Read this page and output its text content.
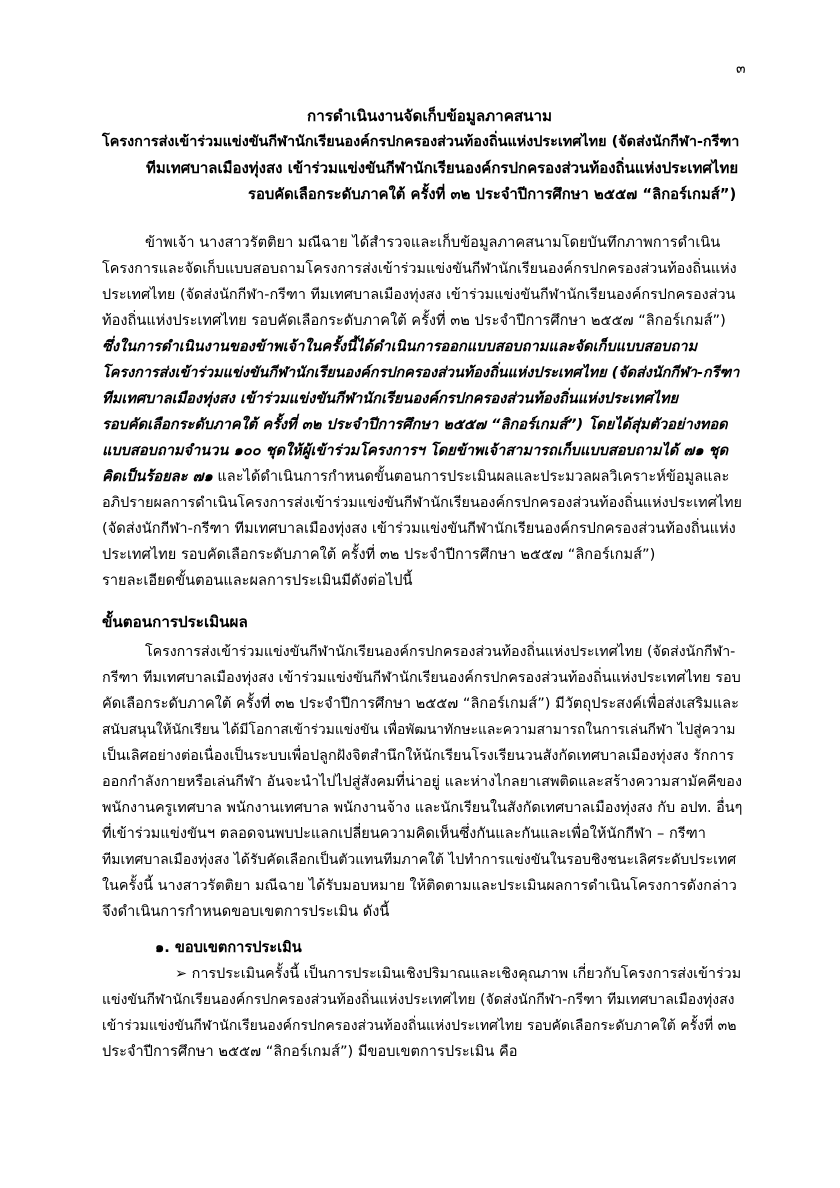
๓
การดำเนินงานจัดเก็บข้อมูลภาคสนาม
โครงการส่งเข้าร่วมแข่งขันกีฬานักเรียนองค์กรปกครองส่วนท้องถิ่นแห่งประเทศไทย (จัดส่งนักกีฬา-กรีฑา
ทีมเทศบาลเมืองทุ่งสง เข้าร่วมแข่งขันกีฬานักเรียนองค์กรปกครองส่วนท้องถิ่นแห่งประเทศไทย
รอบคัดเลือกระดับภาคใต้ ครั้งที่ ๓๒ ประจำปีการศึกษา ๒๕๕๗ “ลิกอร์เกมส์”)
ข้าพเจ้า นางสาวรัตติยา มณีฉาย ได้สำรวจและเก็บข้อมูลภาคสนามโดยบันทึกภาพการดำเนิน
โครงการและจัดเก็บแบบสอบถามโครงการส่งเข้าร่วมแข่งขันกีฬานักเรียนองค์กรปกครองส่วนท้องถิ่นแห่ง
ประเทศไทย (จัดส่งนักกีฬา-กรีฑา ทีมเทศบาลเมืองทุ่งสง เข้าร่วมแข่งขันกีฬานักเรียนองค์กรปกครองส่วน
ท้องถิ่นแห่งประเทศไทย รอบคัดเลือกระดับภาคใต้ ครั้งที่ ๓๒ ประจำปีการศึกษา ๒๕๕๗ “ลิกอร์เกมส์”)
ซึ่งในการดำเนินงานของข้าพเจ้าในครั้งนี้ได้ดำเนินการออกแบบสอบถามและจัดเก็บแบบสอบถาม
โครงการส่งเข้าร่วมแข่งขันกีฬานักเรียนองค์กรปกครองส่วนท้องถิ่นแห่งประเทศไทย (จัดส่งนักกีฬา-กรีฑา
ทีมเทศบาลเมืองทุ่งสง เข้าร่วมแข่งขันกีฬานักเรียนองค์กรปกครองส่วนท้องถิ่นแห่งประเทศไทย
รอบคัดเลือกระดับภาคใต้ ครั้งที่ ๓๒ ประจำปีการศึกษา ๒๕๕๗ “ลิกอร์เกมส์”) โดยได้สุ่มตัวอย่างทอด
แบบสอบถามจำนวน ๑๐๐ ชุดให้ผู้เข้าร่วมโครงการฯ โดยข้าพเจ้าสามารถเก็บแบบสอบถามได้ ๗๑ ชุด
คิดเป็นร้อยละ ๗๑ และได้ดำเนินการกำหนดขั้นตอนการประเมินผลและประมวลผลวิเคราะห์ข้อมูลและ
อภิปรายผลการดำเนินโครงการส่งเข้าร่วมแข่งขันกีฬานักเรียนองค์กรปกครองส่วนท้องถิ่นแห่งประเทศไทย
(จัดส่งนักกีฬา-กรีฑา ทีมเทศบาลเมืองทุ่งสง เข้าร่วมแข่งขันกีฬานักเรียนองค์กรปกครองส่วนท้องถิ่นแห่ง
ประเทศไทย รอบคัดเลือกระดับภาคใต้ ครั้งที่ ๓๒ ประจำปีการศึกษา ๒๕๕๗ “ลิกอร์เกมส์”)
รายละเอียดขั้นตอนและผลการประเมินมีดังต่อไปนี้
ขั้นตอนการประเมินผล
โครงการส่งเข้าร่วมแข่งขันกีฬานักเรียนองค์กรปกครองส่วนท้องถิ่นแห่งประเทศไทย (จัดส่งนักกีฬา-
กรีฑา ทีมเทศบาลเมืองทุ่งสง เข้าร่วมแข่งขันกีฬานักเรียนองค์กรปกครองส่วนท้องถิ่นแห่งประเทศไทย รอบ
คัดเลือกระดับภาคใต้ ครั้งที่ ๓๒ ประจำปีการศึกษา ๒๕๕๗ “ลิกอร์เกมส์”) มีวัตถุประสงค์เพื่อส่งเสริมและ
สนับสนุนให้นักเรียน ได้มีโอกาสเข้าร่วมแข่งขัน เพื่อพัฒนาทักษะและความสามารถในการเล่นกีฬา ไปสู่ความ
เป็นเลิศอย่างต่อเนื่องเป็นระบบเพื่อปลูกฝังจิตสำนึกให้นักเรียนโรงเรียนวนสังกัดเทศบาลเมืองทุ่งสง รักการ
ออกกำลังกายหรือเล่นกีฬา อันจะนำไปไปสู่สังคมที่น่าอยู่ และห่างไกลยาเสพติดและสร้างความสามัคคีของ
พนักงานครูเทศบาล พนักงานเทศบาล พนักงานจ้าง และนักเรียนในสังกัดเทศบาลเมืองทุ่งสง กับ อปท. อื่นๆ
ที่เข้าร่วมแข่งขันฯ ตลอดจนพบปะแลกเปลี่ยนความคิดเห็นซึ่งกันและกันและเพื่อให้นักกีฬา – กรีฑา
ทีมเทศบาลเมืองทุ่งสง ได้รับคัดเลือกเป็นตัวแทนทีมภาคใต้ ไปทำการแข่งขันในรอบชิงชนะเลิศระดับประเทศ
ในครั้งนี้ นางสาวรัตติยา มณีฉาย ได้รับมอบหมาย ให้ติดตามและประเมินผลการดำเนินโครงการดังกล่าว
จึงดำเนินการกำหนดขอบเขตการประเมิน ดังนี้
๑. ขอบเขตการประเมิน
➢ การประเมินครั้งนี้ เป็นการประเมินเชิงปริมาณและเชิงคุณภาพ เกี่ยวกับโครงการส่งเข้าร่วม
แข่งขันกีฬานักเรียนองค์กรปกครองส่วนท้องถิ่นแห่งประเทศไทย (จัดส่งนักกีฬา-กรีฑา ทีมเทศบาลเมืองทุ่งสง
เข้าร่วมแข่งขันกีฬานักเรียนองค์กรปกครองส่วนท้องถิ่นแห่งประเทศไทย รอบคัดเลือกระดับภาคใต้ ครั้งที่ ๓๒
ประจำปีการศึกษา ๒๕๕๗ “ลิกอร์เกมส์”) มีขอบเขตการประเมิน คือ
